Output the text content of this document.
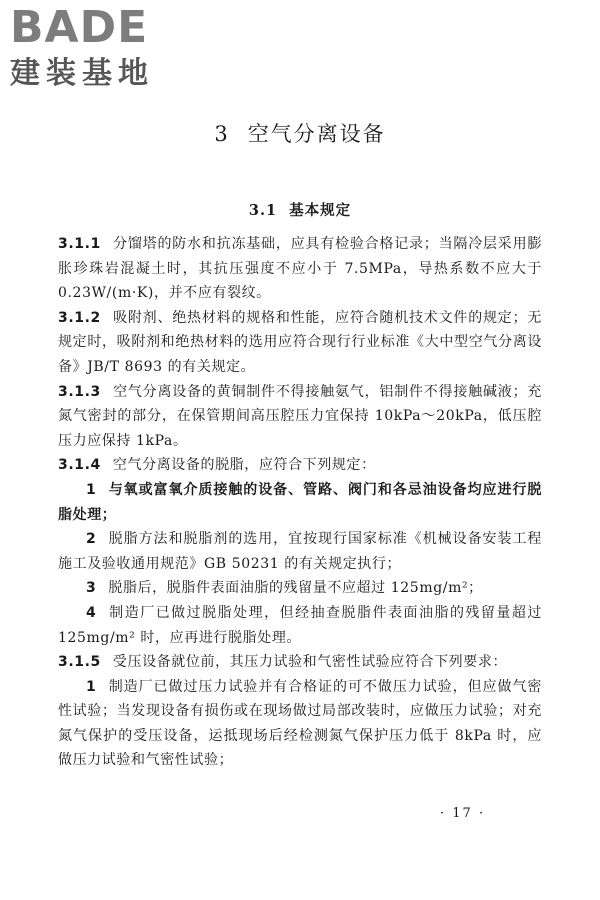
BADE
建装基地
3 空气分离设备
3.1 基本规定

3.1.1 分馏塔的防水和抗冻基础，应具有检验合格记录；当隔冷层采用膨胀珍珠岩混凝土时，其抗压强度不应小于 7.5MPa，导热系数不应大于 0.23W/(m·K)，并不应有裂纹。

3.1.2 吸附剂、绝热材料的规格和性能，应符合随机技术文件的规定；无规定时，吸附剂和绝热材料的选用应符合现行行业标准《大中型空气分离设备》JB/T 8693 的有关规定。

3.1.3 空气分离设备的黄铜制件不得接触氨气，铝制件不得接触碱液；充氮气密封的部分，在保管期间高压腔压力宜保持 10kPa～20kPa，低压腔压力应保持 1kPa。

3.1.4 空气分离设备的脱脂，应符合下列规定：

1 与氧或富氧介质接触的设备、管路、阀门和各忌油设备均应进行脱脂处理；

2 脱脂方法和脱脂剂的选用，宜按现行国家标准《机械设备安装工程施工及验收通用规范》GB 50231 的有关规定执行；

3 脱脂后，脱脂件表面油脂的残留量不应超过 125mg/m²；

4 制造厂已做过脱脂处理，但经抽查脱脂件表面油脂的残留量超过 125mg/m² 时，应再进行脱脂处理。

3.1.5 受压设备就位前，其压力试验和气密性试验应符合下列要求：

1 制造厂已做过压力试验并有合格证的可不做压力试验，但应做气密性试验；当发现设备有损伤或在现场做过局部改装时，应做压力试验；对充氮气保护的受压设备，运抵现场后经检测氮气保护压力低于 8kPa 时，应做压力试验和气密性试验；

· 17 ·
